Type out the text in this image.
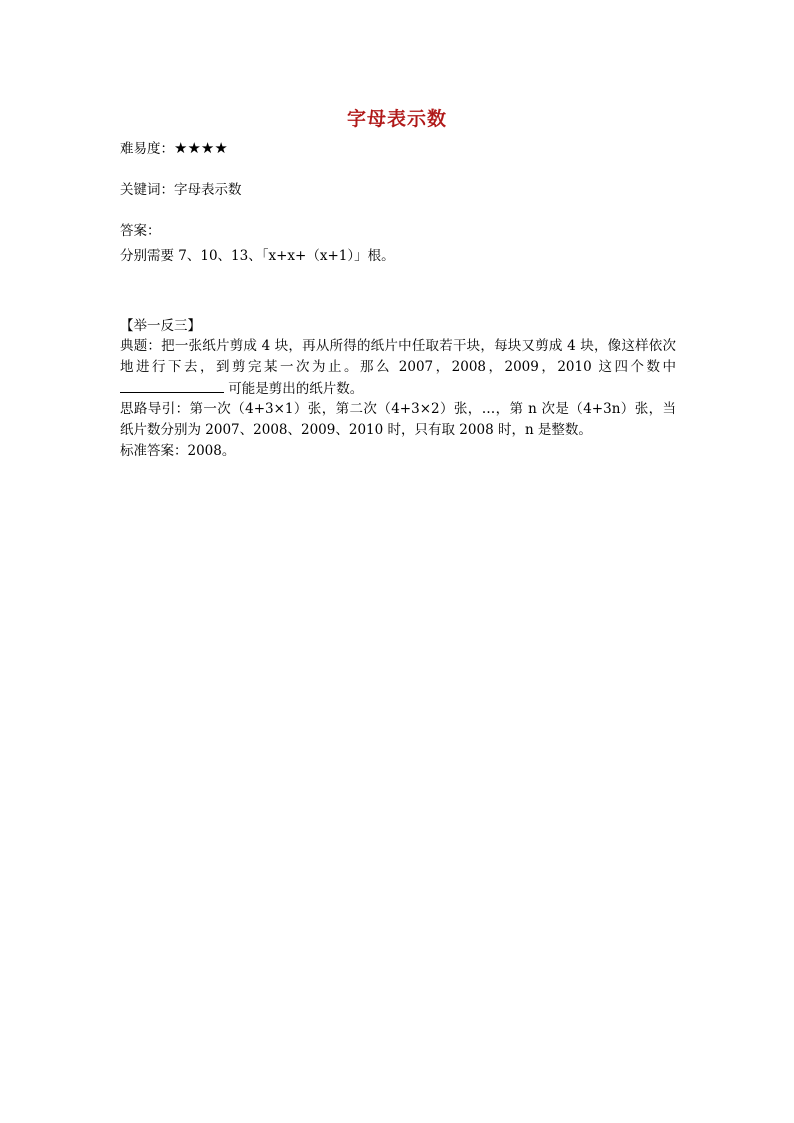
字母表示数
难易度：★★★★
关键词：字母表示数
答案：
分别需要 7、10、13、「x+x+（x+1）」根。
【举一反三】
典题：把一张纸片剪成 4 块，再从所得的纸片中任取若干块，每块又剪成 4 块，像这样依次地进行下去，到剪完某一次为止。那么 2007，2008，2009，2010 这四个数中 可能是剪出的纸片数。
思路导引：第一次（4+3×1）张，第二次（4+3×2）张，…，第 n 次是（4+3n）张，当纸片数分别为 2007、2008、2009、2010 时，只有取 2008 时，n 是整数。
标准答案：2008。
